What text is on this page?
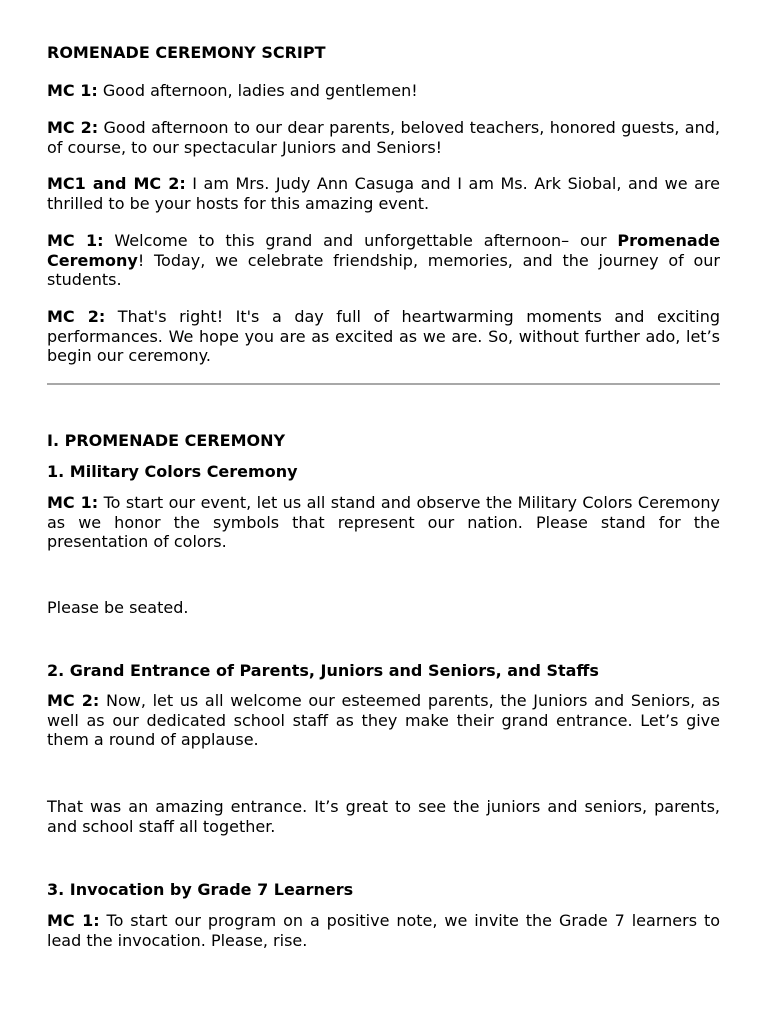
ROMENADE CEREMONY SCRIPT

MC 1: Good afternoon, ladies and gentlemen!

MC 2: Good afternoon to our dear parents, beloved teachers, honored guests, and, of course, to our spectacular Juniors and Seniors!

MC1 and MC 2: I am Mrs. Judy Ann Casuga and I am Ms. Ark Siobal, and we are thrilled to be your hosts for this amazing event.

MC 1: Welcome to this grand and unforgettable afternoon– our Promenade Ceremony! Today, we celebrate friendship, memories, and the journey of our students.

MC 2: That's right! It's a day full of heartwarming moments and exciting performances. We hope you are as excited as we are. So, without further ado, let’s begin our ceremony.

I. PROMENADE CEREMONY

1. Military Colors Ceremony

MC 1: To start our event, let us all stand and observe the Military Colors Ceremony as we honor the symbols that represent our nation. Please stand for the presentation of colors.

Please be seated.

2. Grand Entrance of Parents, Juniors and Seniors, and Staffs

MC 2: Now, let us all welcome our esteemed parents, the Juniors and Seniors, as well as our dedicated school staff as they make their grand entrance. Let’s give them a round of applause.

That was an amazing entrance. It’s great to see the juniors and seniors, parents, and school staff all together.

3. Invocation by Grade 7 Learners

MC 1: To start our program on a positive note, we invite the Grade 7 learners to lead the invocation. Please, rise.
